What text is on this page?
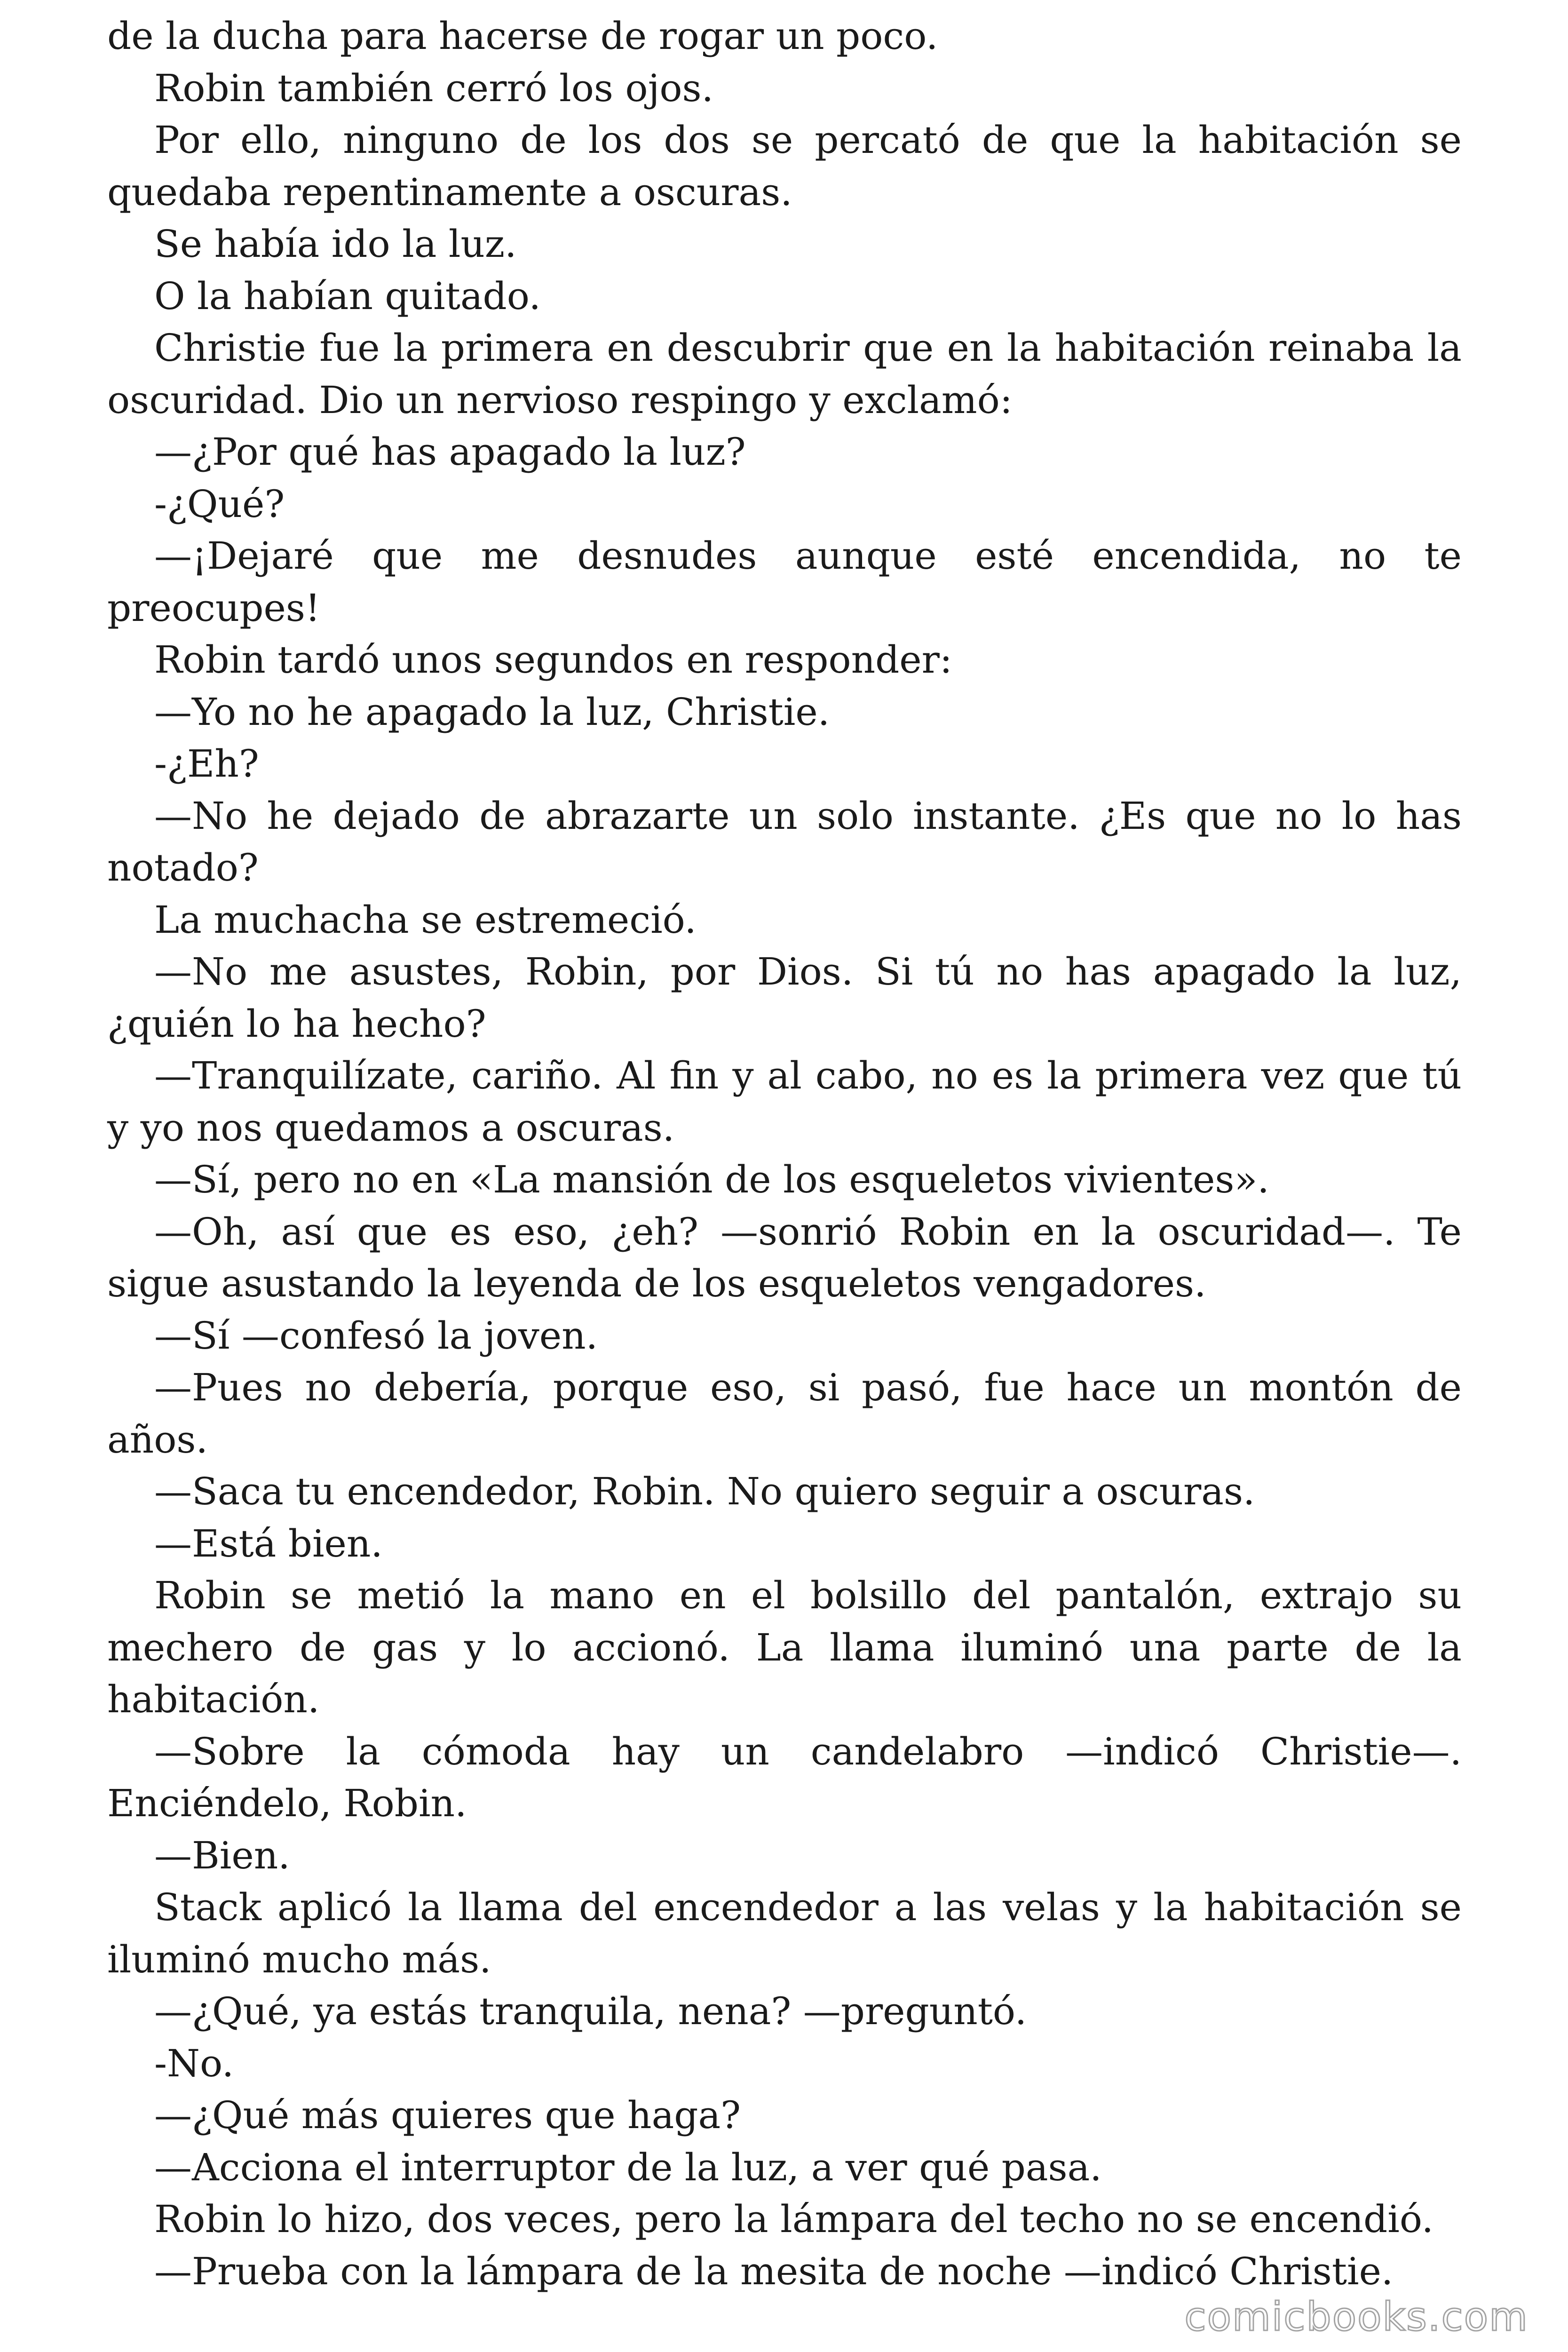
de la ducha para hacerse de rogar un poco.

Robin también cerró los ojos.

Por ello, ninguno de los dos se percató de que la habitación se quedaba repentinamente a oscuras.

Se había ido la luz.

O la habían quitado.

Christie fue la primera en descubrir que en la habitación reinaba la oscuridad. Dio un nervioso respingo y exclamó:

—¿Por qué has apagado la luz?

-¿Qué?

—¡Dejaré que me desnudes aunque esté encendida, no te preocupes!

Robin tardó unos segundos en responder:

—Yo no he apagado la luz, Christie.

-¿Eh?

—No he dejado de abrazarte un solo instante. ¿Es que no lo has notado?

La muchacha se estremeció.

—No me asustes, Robin, por Dios. Si tú no has apagado la luz, ¿quién lo ha hecho?

—Tranquilízate, cariño. Al fin y al cabo, no es la primera vez que tú y yo nos quedamos a oscuras.

—Sí, pero no en «La mansión de los esqueletos vivientes».

—Oh, así que es eso, ¿eh? —sonrió Robin en la oscuridad—. Te sigue asustando la leyenda de los esqueletos vengadores.

—Sí —confesó la joven.

—Pues no debería, porque eso, si pasó, fue hace un montón de años.

—Saca tu encendedor, Robin. No quiero seguir a oscuras.

—Está bien.

Robin se metió la mano en el bolsillo del pantalón, extrajo su mechero de gas y lo accionó. La llama iluminó una parte de la habitación.

—Sobre la cómoda hay un candelabro —indicó Christie—. Enciéndelo, Robin.

—Bien.

Stack aplicó la llama del encendedor a las velas y la habitación se iluminó mucho más.

—¿Qué, ya estás tranquila, nena? —preguntó.

-No.

—¿Qué más quieres que haga?

—Acciona el interruptor de la luz, a ver qué pasa.

Robin lo hizo, dos veces, pero la lámpara del techo no se encendió.

—Prueba con la lámpara de la mesita de noche —indicó Christie.

comicbooks.com
